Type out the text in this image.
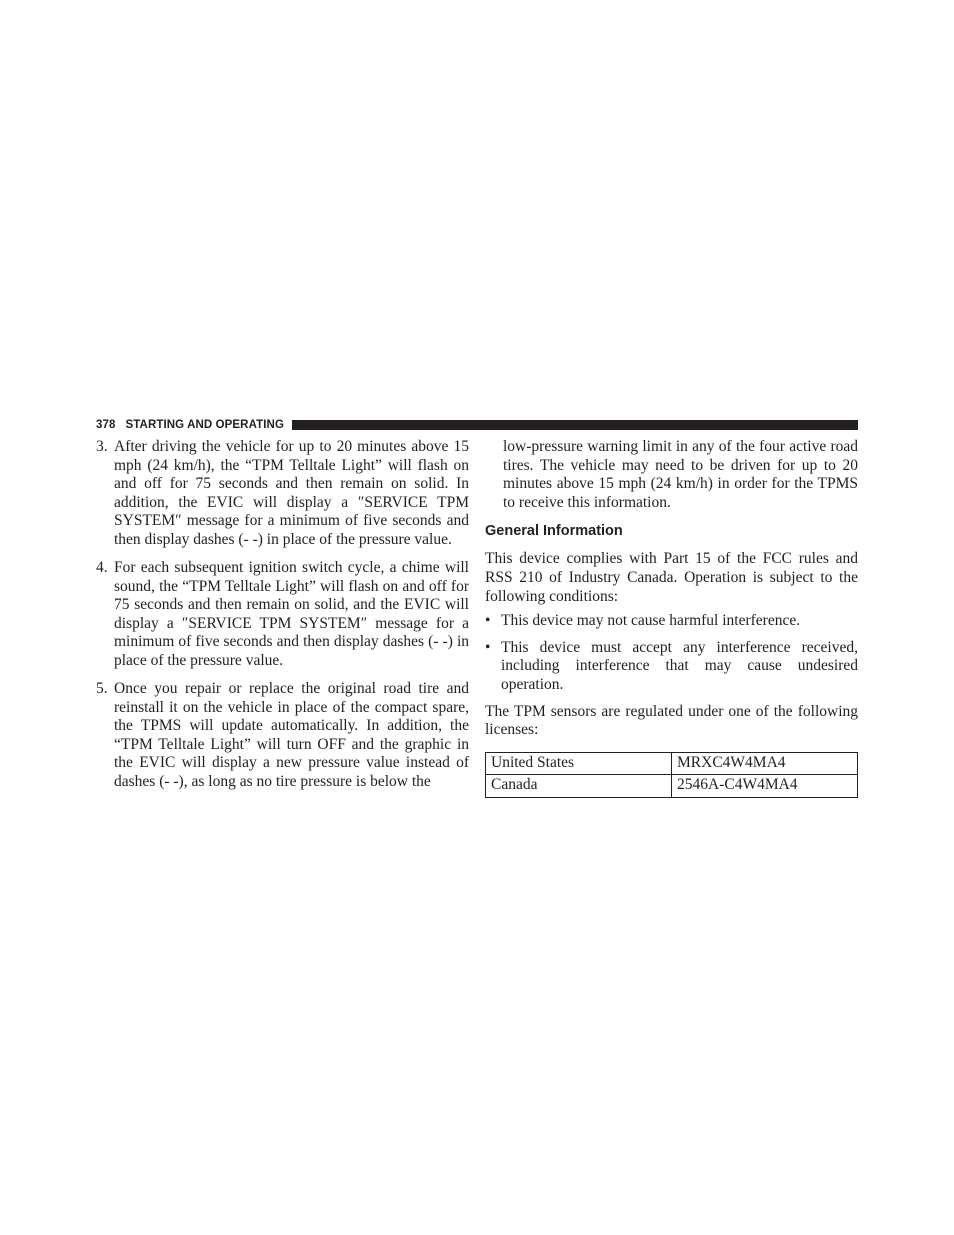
378 STARTING AND OPERATING
3. After driving the vehicle for up to 20 minutes above 15 mph (24 km/h), the “TPM Telltale Light” will flash on and off for 75 seconds and then remain on solid. In addition, the EVIC will display a ″SERVICE TPM SYSTEM″ message for a minimum of five seconds and then display dashes (- -) in place of the pressure value.
4. For each subsequent ignition switch cycle, a chime will sound, the “TPM Telltale Light” will flash on and off for 75 seconds and then remain on solid, and the EVIC will display a ″SERVICE TPM SYSTEM″ message for a minimum of five seconds and then display dashes (- -) in place of the pressure value.
5. Once you repair or replace the original road tire and reinstall it on the vehicle in place of the compact spare, the TPMS will update automatically. In addition, the “TPM Telltale Light” will turn OFF and the graphic in the EVIC will display a new pressure value instead of dashes (- -), as long as no tire pressure is below the
low-pressure warning limit in any of the four active road tires. The vehicle may need to be driven for up to 20 minutes above 15 mph (24 km/h) in order for the TPMS to receive this information.
General Information
This device complies with Part 15 of the FCC rules and RSS 210 of Industry Canada. Operation is subject to the following conditions:
• This device may not cause harmful interference.
• This device must accept any interference received, including interference that may cause undesired operation.
The TPM sensors are regulated under one of the following licenses:
United States	MRXC4W4MA4
Canada	2546A-C4W4MA4
